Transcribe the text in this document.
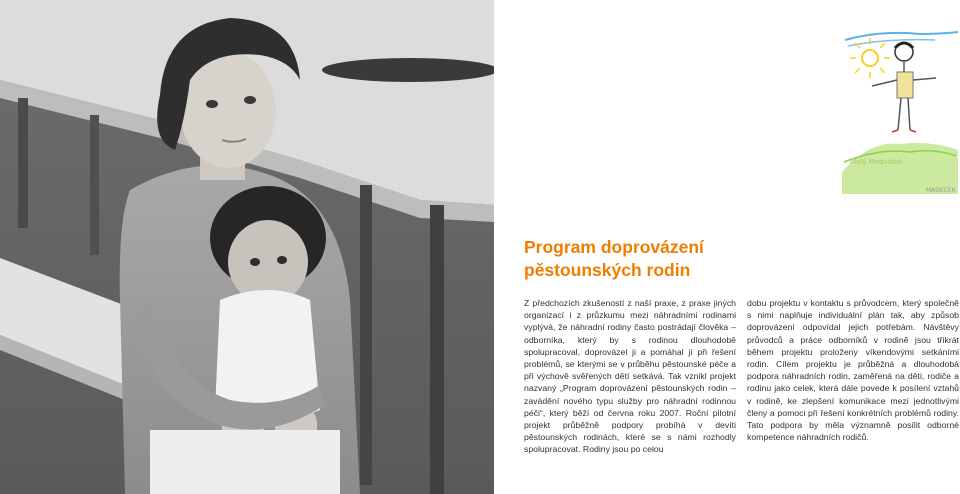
Malý Medvídek
MADECEK
Program doprovázení
pěstounských rodin

Z předchozích zkušeností z naší praxe, z praxe jiných organizací i z průzkumu mezi náhradními rodinami vyplývá, že náhradní rodiny často postrádají člověka – odborníka, který by s rodinou dlouhodobě spolupracoval, doprovázel ji a pomáhal jí při řešení problémů, se kterými se v průběhu pěstounské péče a při výchově svěřených dětí setkává. Tak vznikl projekt nazvaný „Program doprovázení pěstounských rodin – zavádění nového typu služby pro náhradní rodinnou péči“, který běží od června roku 2007. Roční pilotní projekt průběžně podpory probíhá v devíti pěstounských rodinách, které se s námi rozhodly spolupracovat. Rodiny jsou po celou

dobu projektu v kontaktu s průvodcem, který společně s nimi naplňuje individuální plán tak, aby způsob doprovázení odpovídal jejich potřebám. Návštěvy průvodců a práce odborníků v rodině jsou třikrát během projektu proloženy víkendovými setkáními rodin. Cílem projektu je průběžná a dlouhodobá podpora náhradních rodin, zaměřená na děti, rodiče a rodinu jako celek, která dále povede k posílení vztahů v rodině, ke zlepšení komunikace mezi jednotlivými členy a pomoci při řešení konkrétních problémů rodiny. Tato podpora by měla významně posílit odborné kompetence náhradních rodičů.
